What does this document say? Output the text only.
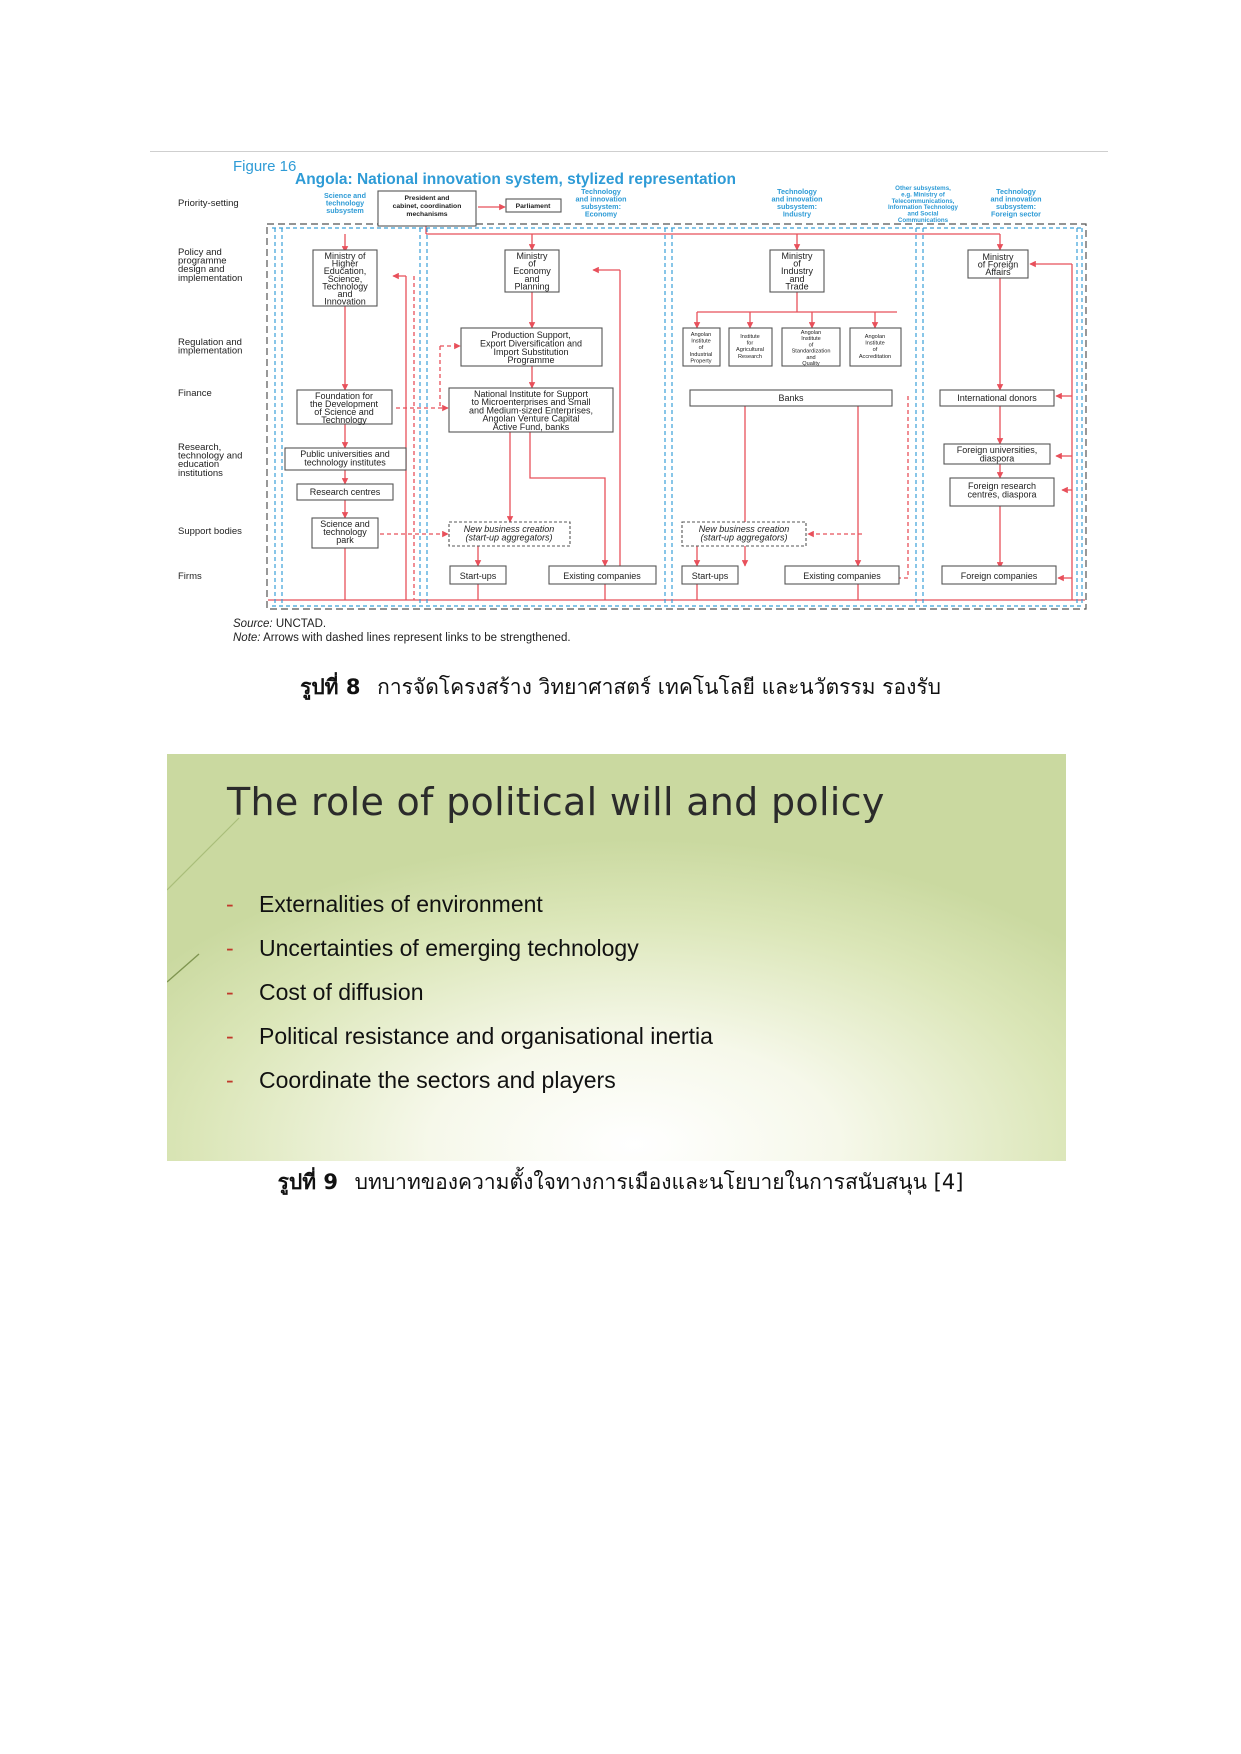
Figure 16
Angola: National innovation system, stylized representation
Priority-setting
Policy and programme design and implementation
Regulation and implementation
Finance
Research, technology and education institutions
Support bodies
Firms
Science and technology subsystem
Technology and innovation subsystem: Economy
Technology and innovation subsystem: Industry
Other subsystems, e.g. Ministry of Telecommunications, Information Technology and Social Communications
Technology and innovation subsystem: Foreign sector
President and cabinet, coordination mechanisms
Parliament
Ministry of Higher Education, Science, Technology and Innovation
Ministry of Economy and Planning
Ministry of Industry and Trade
Ministry of Foreign Affairs
Production Support, Export Diversification and Import Substitution Programme
Angolan Institute of Industrial Property
Institute for Agricultural Research
Angolan Institute of Standardization and Quality
Angolan Institute of Accreditation
Foundation for the Development of Science and Technology
National Institute for Support to Microenterprises and Small and Medium-sized Enterprises, Angolan Venture Capital Active Fund, banks
Banks	International donors
Public universities and technology institutes
Research centres
Foreign universities, diaspora
Foreign research centres, diaspora
Science and technology park
New business creation (start-up aggregators)
New business creation (start-up aggregators)
Start-ups	Existing companies	Start-ups	Existing companies	Foreign companies
Source: UNCTAD.
Note: Arrows with dashed lines represent links to be strengthened.
รูปที่ 8 การจัดโครงสร้าง วิทยาศาสตร์ เทคโนโลยี และนวัตรรม รองรับ
The role of political will and policy
-	Externalities of environment
-	Uncertainties of emerging technology
-	Cost of diffusion
-	Political resistance and organisational inertia
-	Coordinate the sectors and players
รูปที่ 9 บทบาทของความตั้งใจทางการเมืองและนโยบายในการสนับสนุน [4]
